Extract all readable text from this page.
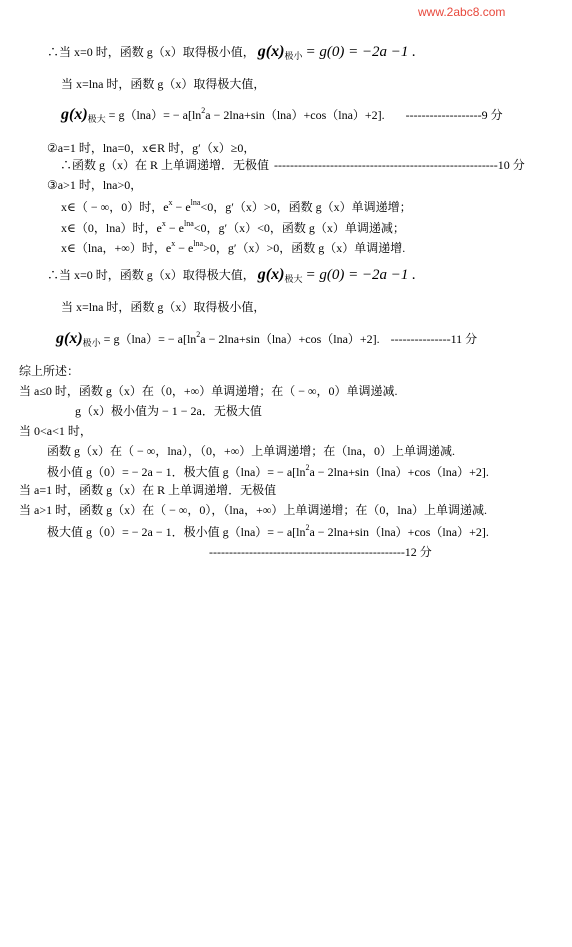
www.2abc8.com
∴当 x=0 时，函数 g（x）取得极小值， $g(x)_{极小} = g(0) = -2a -1$ .
当 x=lna 时，函数 g（x）取得极大值，
$g(x)_{极大} = g(\ln a)= - a[\ln^2a - 2\ln a+\sin(\ln a)+\cos(\ln a)+2]$. -------------------9 分
②a=1 时，lna=0，x∈R 时，g′（x）≥0，
∴函数 g（x）在 R 上单调递增．无极值 --------------------------------------------------------10 分
③a>1 时，lna>0，
x∈（ − ∞，0）时，$e^x - e^{lna}<0$，g′（x）>0，函数 g（x）单调递增；
x∈（0，lna）时，$e^x - e^{lna}<0$，g′（x）<0，函数 g（x）单调递减；
x∈（lna，+∞）时，$e^x - e^{lna}>0$，g′（x）>0，函数 g（x）单调递增.
∴当 x=0 时，函数 g（x）取得极大值， $g(x)_{极大} = g(0) = -2a -1$ .
当 x=lna 时，函数 g（x）取得极小值，
$g(x)_{极小} = g(\ln a)= - a[\ln^2a - 2\ln a+\sin(\ln a)+\cos(\ln a)+2]$. ---------------11 分
综上所述：
当 a≤0 时，函数 g（x）在（0，+∞）单调递增；在（ − ∞，0）单调递减.
g（x）极小值为 − 1 − 2a．无极大值
当 0<a<1 时，
函数 g（x）在（ − ∞，lna），（0，+∞）上单调递增；在（lna，0）上单调递减.
极小值 g（0）= − 2a − 1．极大值 $g(\ln a)= - a[\ln^2a - 2\ln a+\sin(\ln a)+\cos(\ln a)+2]$.
当 a=1 时，函数 g（x）在 R 上单调递增．无极值
当 a>1 时，函数 g（x）在（ − ∞，0），（lna，+∞）上单调递增；在（0，lna）上单调递减.
极大值 g（0）= − 2a − 1．极小值 $g(\ln a)= - a[\ln^2a - 2\ln a+\sin(\ln a)+\cos(\ln a)+2]$.
-------------------------------------------------12 分
